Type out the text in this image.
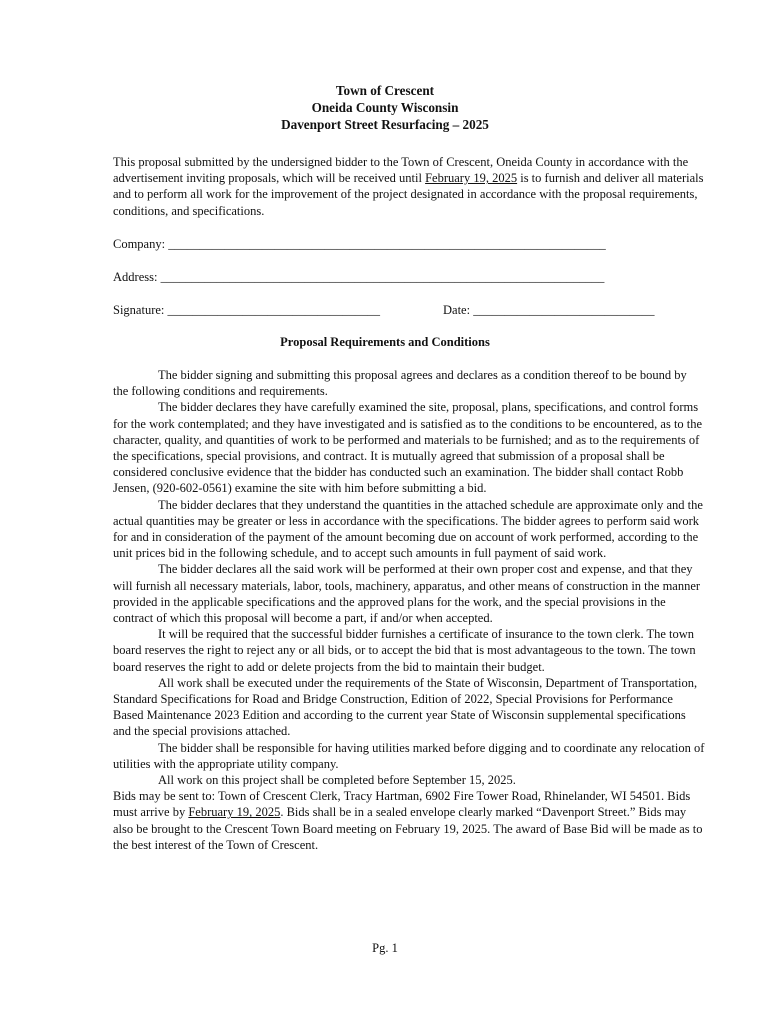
Town of Crescent
Oneida County Wisconsin
Davenport Street Resurfacing – 2025
This proposal submitted by the undersigned bidder to the Town of Crescent, Oneida County in accordance with the advertisement inviting proposals, which will be received until February 19, 2025 is to furnish and deliver all materials and to perform all work for the improvement of the project designated in accordance with the proposal requirements, conditions, and specifications.
Company: ______________________________________________________________________
Address: _______________________________________________________________________
Signature: __________________________________	Date: _____________________________
Proposal Requirements and Conditions

The bidder signing and submitting this proposal agrees and declares as a condition thereof to be bound by the following conditions and requirements.

The bidder declares they have carefully examined the site, proposal, plans, specifications, and control forms for the work contemplated; and they have investigated and is satisfied as to the conditions to be encountered, as to the character, quality, and quantities of work to be performed and materials to be furnished; and as to the requirements of the specifications, special provisions, and contract. It is mutually agreed that submission of a proposal shall be considered conclusive evidence that the bidder has conducted such an examination. The bidder shall contact Robb Jensen, (920-602-0561) examine the site with him before submitting a bid.

The bidder declares that they understand the quantities in the attached schedule are approximate only and the actual quantities may be greater or less in accordance with the specifications. The bidder agrees to perform said work for and in consideration of the payment of the amount becoming due on account of work performed, according to the unit prices bid in the following schedule, and to accept such amounts in full payment of said work.

The bidder declares all the said work will be performed at their own proper cost and expense, and that they will furnish all necessary materials, labor, tools, machinery, apparatus, and other means of construction in the manner provided in the applicable specifications and the approved plans for the work, and the special provisions in the contract of which this proposal will become a part, if and/or when accepted.

It will be required that the successful bidder furnishes a certificate of insurance to the town clerk. The town board reserves the right to reject any or all bids, or to accept the bid that is most advantageous to the town. The town board reserves the right to add or delete projects from the bid to maintain their budget.

All work shall be executed under the requirements of the State of Wisconsin, Department of Transportation, Standard Specifications for Road and Bridge Construction, Edition of 2022, Special Provisions for Performance Based Maintenance 2023 Edition and according to the current year State of Wisconsin supplemental specifications and the special provisions attached.

The bidder shall be responsible for having utilities marked before digging and to coordinate any relocation of utilities with the appropriate utility company.

All work on this project shall be completed before September 15, 2025.

Bids may be sent to: Town of Crescent Clerk, Tracy Hartman, 6902 Fire Tower Road, Rhinelander, WI 54501. Bids must arrive by February 19, 2025. Bids shall be in a sealed envelope clearly marked “Davenport Street.” Bids may also be brought to the Crescent Town Board meeting on February 19, 2025. The award of Base Bid will be made as to the best interest of the Town of Crescent.

Pg. 1
